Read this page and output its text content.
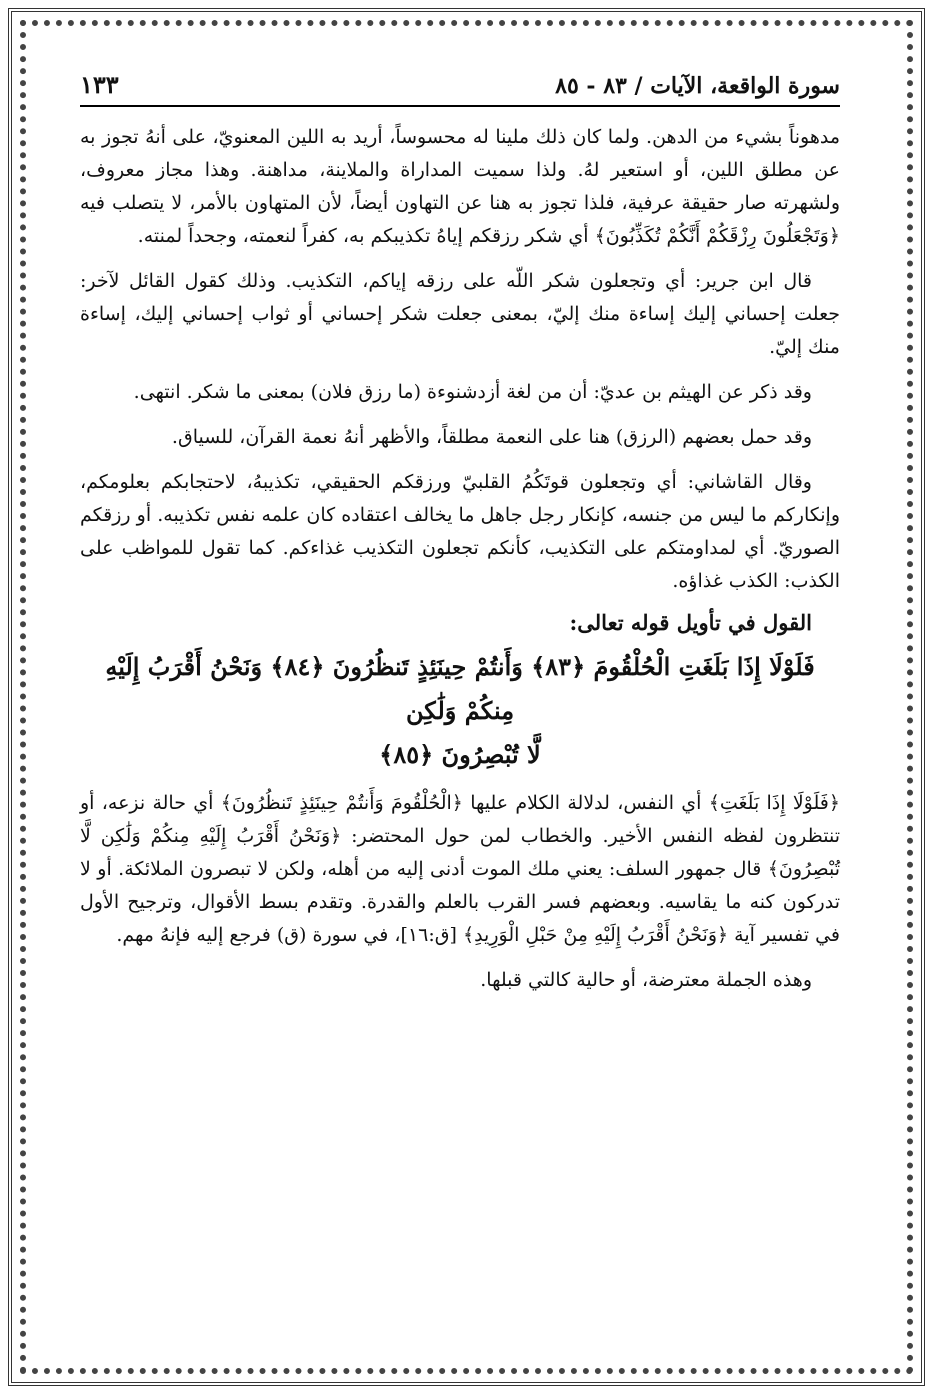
سورة الواقعة، الآيات / ٨٣ - ٨٥
١٣٣

مدهوناً بشيء من الدهن. ولما كان ذلك ملينا له محسوساً، أريد به اللين المعنويّ، على أنهُ تجوز به عن مطلق اللين، أو استعير لهُ. ولذا سميت المداراة والملاينة، مداهنة. وهذا مجاز معروف، ولشهرته صار حقيقة عرفية، فلذا تجوز به هنا عن التهاون أيضاً، لأن المتهاون بالأمر، لا يتصلب فيه ﴿وَتَجْعَلُونَ رِزْقَكُمْ أَنَّكُمْ تُكَذِّبُونَ﴾ أي شكر رزقكم إياهُ تكذيبكم به، كفراً لنعمته، وجحداً لمنته.

قال ابن جرير: أي وتجعلون شكر اللّه على رزقه إياكم، التكذيب. وذلك كقول القائل لآخر: جعلت إحساني إليك إساءة منك إليّ، بمعنى جعلت شكر إحساني أو ثواب إحساني إليك، إساءة منك إليّ.

وقد ذكر عن الهيثم بن عديّ: أن من لغة أزدشنوءة (ما رزق فلان) بمعنى ما شكر. انتهى.

وقد حمل بعضهم (الرزق) هنا على النعمة مطلقاً، والأظهر أنهُ نعمة القرآن، للسياق.

وقال القاشاني: أي وتجعلون قوتَكُمُ القلبيّ ورزقكم الحقيقي، تكذيبهُ، لاحتجابكم بعلومكم، وإنكاركم ما ليس من جنسه، كإنكار رجل جاهل ما يخالف اعتقاده كان علمه نفس تكذيبه. أو رزقكم الصوريّ. أي لمداومتكم على التكذيب، كأنكم تجعلون التكذيب غذاءكم. كما تقول للمواظب على الكذب: الكذب غذاؤه.

القول في تأويل قوله تعالى:
فَلَوْلَا إِذَا بَلَغَتِ الْحُلْقُومَ ﴿٨٣﴾ وَأَنتُمْ حِينَئِذٍ تَنظُرُونَ ﴿٨٤﴾ وَنَحْنُ أَقْرَبُ إِلَيْهِ مِنكُمْ وَلَٰكِن
لَّا تُبْصِرُونَ ﴿٨٥﴾

﴿فَلَوْلَا إِذَا بَلَغَتِ﴾ أي النفس، لدلالة الكلام عليها ﴿الْحُلْقُومَ وَأَنتُمْ حِينَئِذٍ تَنظُرُونَ﴾ أي حالة نزعه، أو تنتظرون لفظه النفس الأخير. والخطاب لمن حول المحتضر: ﴿وَنَحْنُ أَقْرَبُ إِلَيْهِ مِنكُمْ وَلَٰكِن لَّا تُبْصِرُونَ﴾ قال جمهور السلف: يعني ملك الموت أدنى إليه من أهله، ولكن لا تبصرون الملائكة. أو لا تدركون كنه ما يقاسيه. وبعضهم فسر القرب بالعلم والقدرة. وتقدم بسط الأقوال، وترجيح الأول في تفسير آية ﴿وَنَحْنُ أَقْرَبُ إِلَيْهِ مِنْ حَبْلِ الْوَرِيدِ﴾ [ق:١٦]، في سورة (ق) فرجع إليه فإنهُ مهم.

وهذه الجملة معترضة، أو حالية كالتي قبلها.
